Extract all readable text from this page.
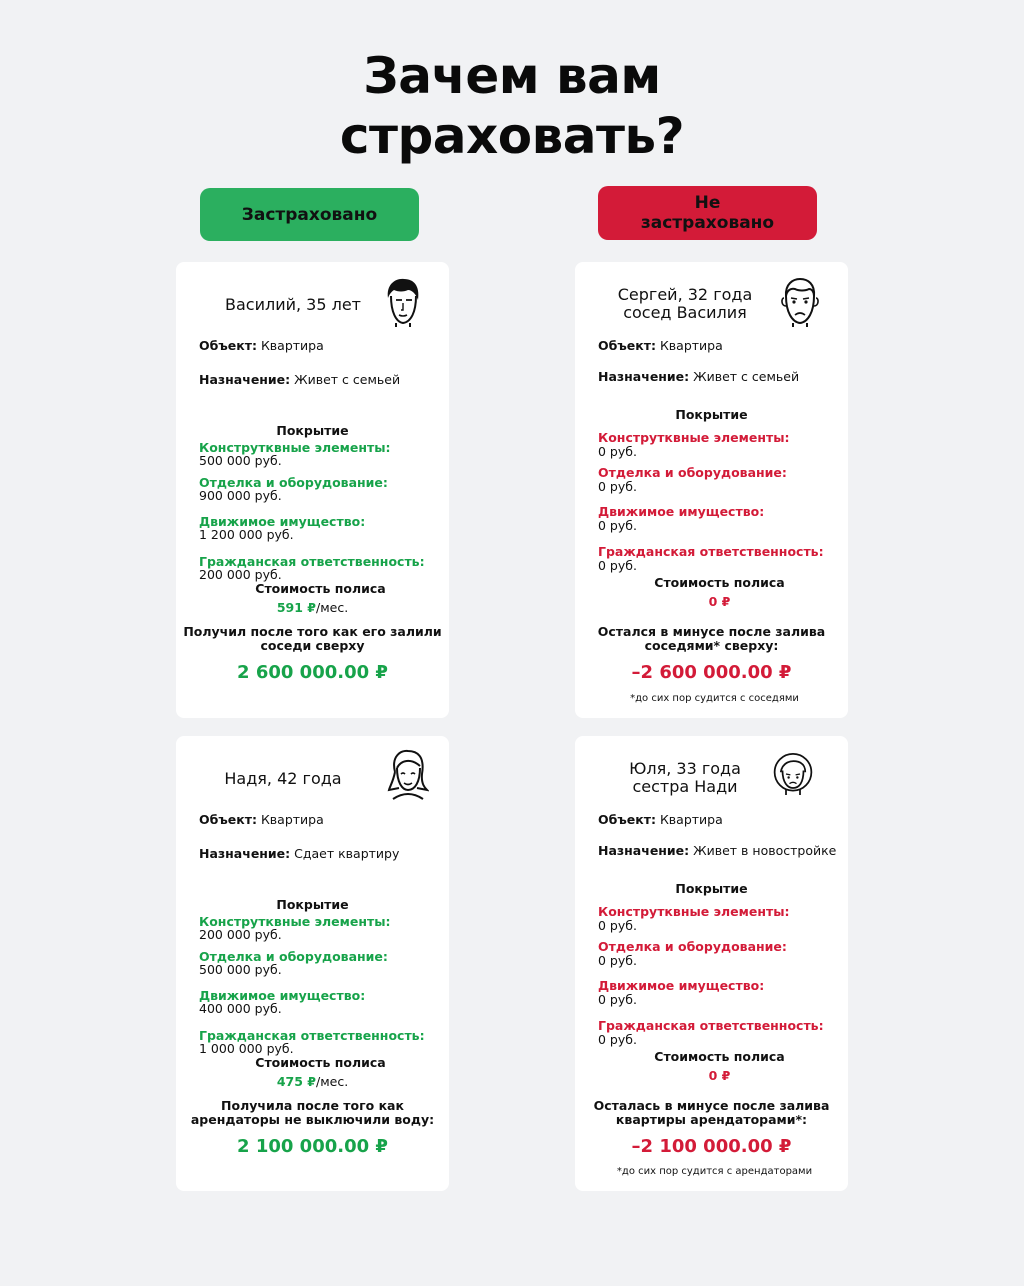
Зачем вам
страховать?
Застраховано
Не
застраховано
Василий, 35 лет
Объект: Квартира
Назначение: Живет с семьей
Покрытие
Конструтквные элементы:
500 000 руб.
Отделка и оборудование:
900 000 руб.
Движимое имущество:
1 200 000 руб.
Гражданская ответственность:
200 000 руб.
Стоимость полиса
591 ₽/мес.
Получил после того как его залили
соседи сверху
2 600 000.00 ₽
Сергей, 32 года
сосед Василия
Объект: Квартира
Назначение: Живет с семьей
Покрытие
Конструтквные элементы:
0 руб.
Отделка и оборудование:
0 руб.
Движимое имущество:
0 руб.
Гражданская ответственность:
0 руб.
Стоимость полиса
0 ₽
Остался в минусе после залива
соседями* сверху:
–2 600 000.00 ₽
*до сих пор судится с соседями
Надя, 42 года
Объект: Квартира
Назначение: Сдает квартиру
Покрытие
Конструтквные элементы:
200 000 руб.
Отделка и оборудование:
500 000 руб.
Движимое имущество:
400 000 руб.
Гражданская ответственность:
1 000 000 руб.
Стоимость полиса
475 ₽/мес.
Получила после того как
арендаторы не выключили воду:
2 100 000.00 ₽
Юля, 33 года
сестра Нади
Объект: Квартира
Назначение: Живет в новостройке
Покрытие
Конструтквные элементы:
0 руб.
Отделка и оборудование:
0 руб.
Движимое имущество:
0 руб.
Гражданская ответственность:
0 руб.
Стоимость полиса
0 ₽
Осталась в минусе после залива
квартиры арендаторами*:
–2 100 000.00 ₽
*до сих пор судится с арендаторами
